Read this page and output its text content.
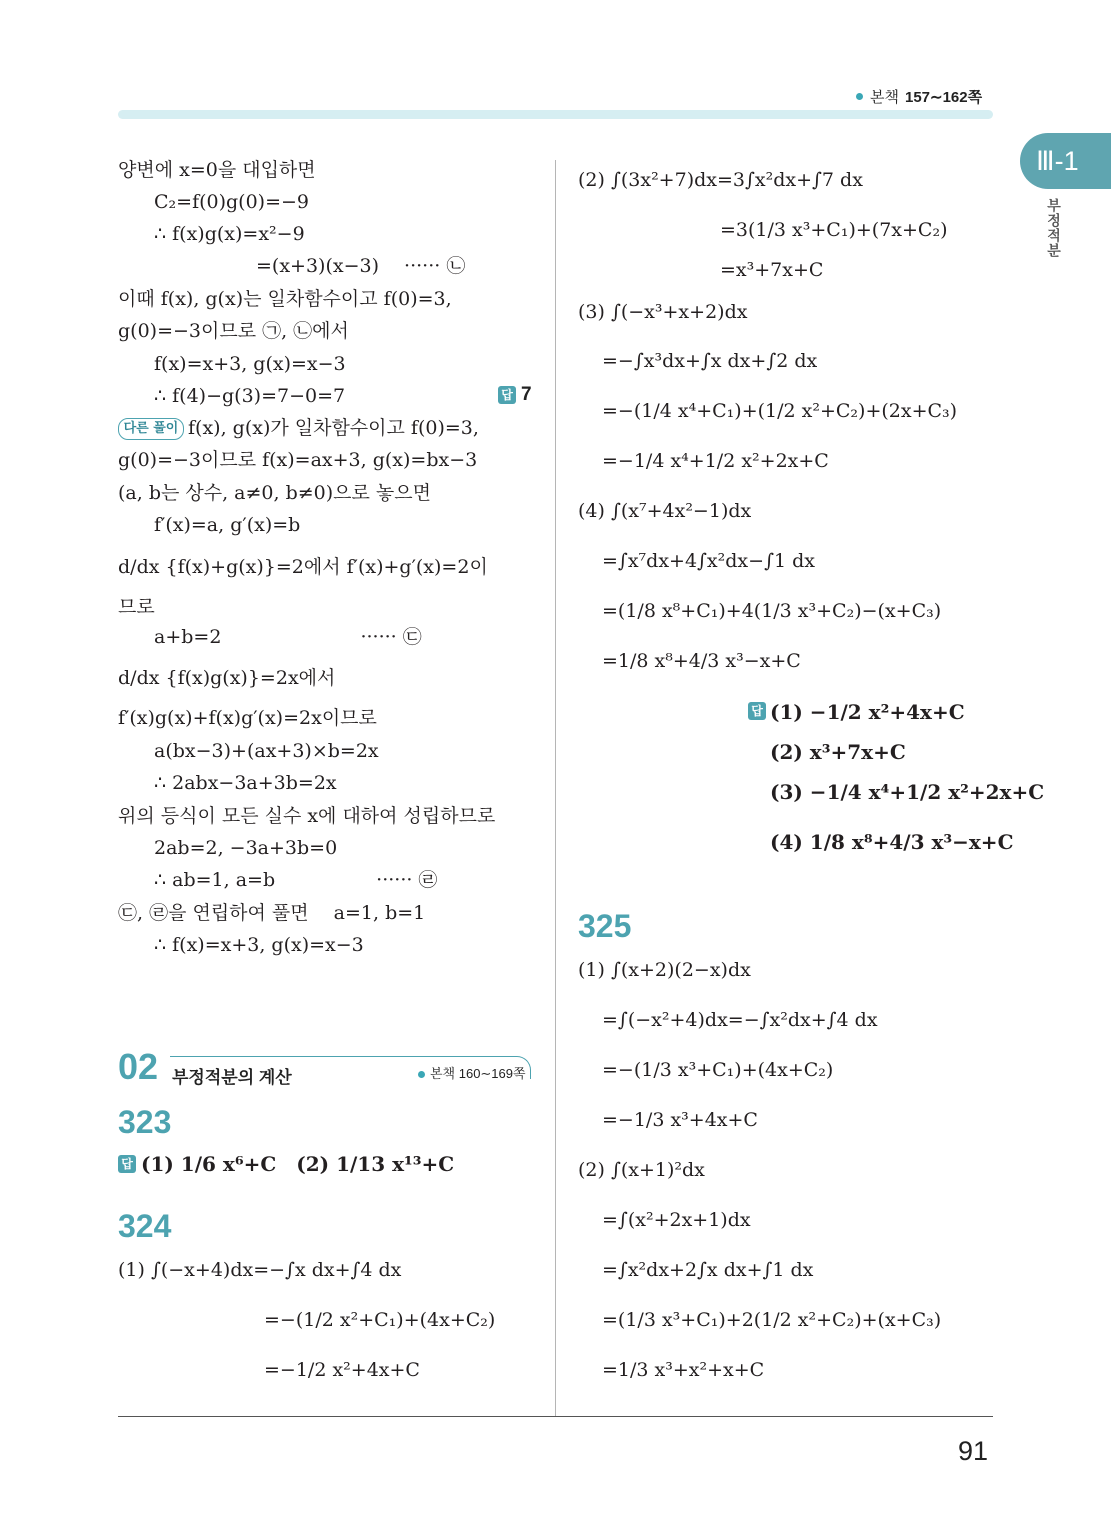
본책 157∼162쪽
Ⅲ-1
부정적분
양변에 x=0을 대입하면
C₂=f(0)g(0)=−9
∴ f(x)g(x)=x²−9
=(x+3)(x−3)　 ······ ㉡
이때 f(x), g(x)는 일차함수이고 f(0)=3,
g(0)=−3이므로 ㉠, ㉡에서
f(x)=x+3, g(x)=x−3
∴ f(4)−g(3)=7−0=7	답 7
다른 풀이 f(x), g(x)가 일차함수이고 f(0)=3,
g(0)=−3이므로 f(x)=ax+3, g(x)=bx−3
(a, b는 상수, a≠0, b≠0)으로 놓으면
f′(x)=a, g′(x)=b
d/dx {f(x)+g(x)}=2에서 f′(x)+g′(x)=2이
므로
a+b=2　　　　　　　 ······ ㉢
d/dx {f(x)g(x)}=2x에서
f′(x)g(x)+f(x)g′(x)=2x이므로
a(bx−3)+(ax+3)×b=2x
∴ 2abx−3a+3b=2x
위의 등식이 모든 실수 x에 대하여 성립하므로
2ab=2, −3a+3b=0
∴ ab=1, a=b　　　　　 ······ ㉣
㉢, ㉣을 연립하여 풀면　 a=1, b=1
∴ f(x)=x+3, g(x)=x−3
02 부정적분의 계산	본책 160∼169쪽
323
답 (1) 1/6 x⁶+C　(2) 1/13 x¹³+C
324
(1) ∫(−x+4)dx=−∫x dx+∫4 dx
=−(1/2 x²+C₁)+(4x+C₂)
=−1/2 x²+4x+C
(2) ∫(3x²+7)dx=3∫x²dx+∫7 dx
=3(1/3 x³+C₁)+(7x+C₂)
=x³+7x+C
(3) ∫(−x³+x+2)dx
=−∫x³dx+∫x dx+∫2 dx
=−(1/4 x⁴+C₁)+(1/2 x²+C₂)+(2x+C₃)
=−1/4 x⁴+1/2 x²+2x+C
(4) ∫(x⁷+4x²−1)dx
=∫x⁷dx+4∫x²dx−∫1 dx
=(1/8 x⁸+C₁)+4(1/3 x³+C₂)−(x+C₃)
=1/8 x⁸+4/3 x³−x+C
답 (1) −1/2 x²+4x+C
(2) x³+7x+C
(3) −1/4 x⁴+1/2 x²+2x+C
(4) 1/8 x⁸+4/3 x³−x+C
325
(1) ∫(x+2)(2−x)dx
=∫(−x²+4)dx=−∫x²dx+∫4 dx
=−(1/3 x³+C₁)+(4x+C₂)
=−1/3 x³+4x+C
(2) ∫(x+1)²dx
=∫(x²+2x+1)dx
=∫x²dx+2∫x dx+∫1 dx
=(1/3 x³+C₁)+2(1/2 x²+C₂)+(x+C₃)
=1/3 x³+x²+x+C
91
